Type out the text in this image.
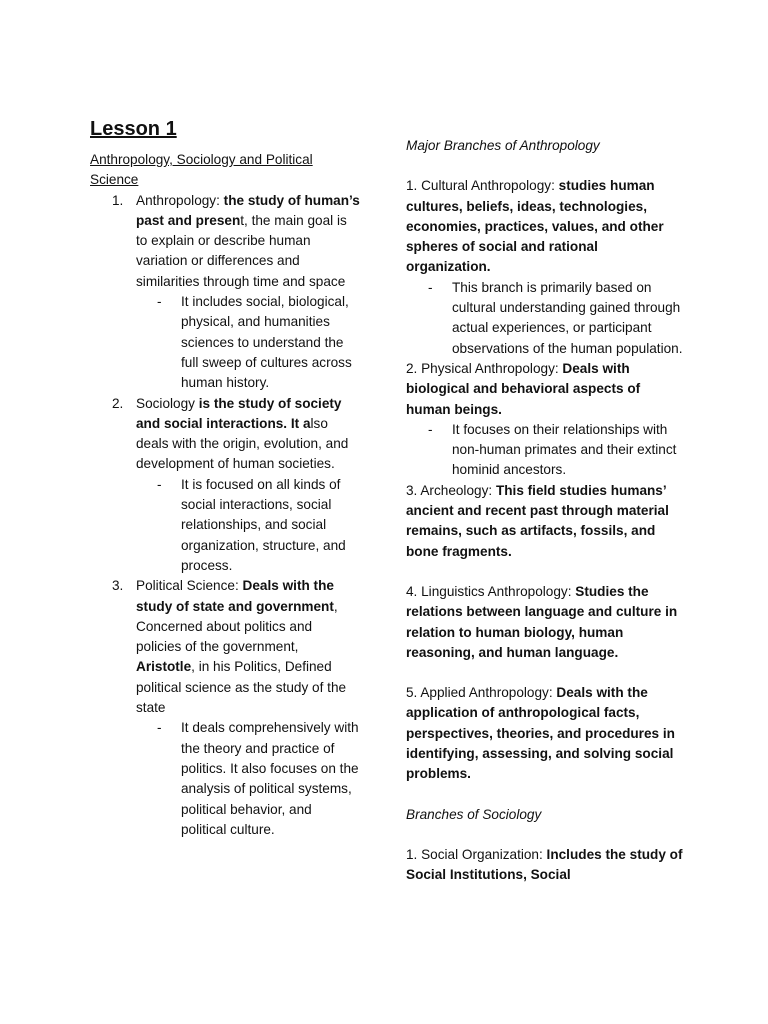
Lesson 1
Anthropology, Sociology and Political Science
1. Anthropology: the study of human’s past and present, the main goal is to explain or describe human variation or differences and similarities through time and space
- It includes social, biological, physical, and humanities sciences to understand the full sweep of cultures across human history.
2. Sociology is the study of society and social interactions. It also deals with the origin, evolution, and development of human societies.
- It is focused on all kinds of social interactions, social relationships, and social organization, structure, and process.
3. Political Science: Deals with the study of state and government, Concerned about politics and policies of the government, Aristotle, in his Politics, Defined political science as the study of the state
- It deals comprehensively with the theory and practice of politics. It also focuses on the analysis of political systems, political behavior, and political culture.

Major Branches of Anthropology

1. Cultural Anthropology: studies human cultures, beliefs, ideas, technologies, economies, practices, values, and other spheres of social and rational organization.
- This branch is primarily based on cultural understanding gained through actual experiences, or participant observations of the human population.
2. Physical Anthropology: Deals with biological and behavioral aspects of human beings.
- It focuses on their relationships with non-human primates and their extinct hominid ancestors.
3. Archeology: This field studies humans’ ancient and recent past through material remains, such as artifacts, fossils, and bone fragments.
4. Linguistics Anthropology: Studies the relations between language and culture in relation to human biology, human reasoning, and human language.
5. Applied Anthropology: Deals with the application of anthropological facts, perspectives, theories, and procedures in identifying, assessing, and solving social problems.

Branches of Sociology

1. Social Organization: Includes the study of Social Institutions, Social
